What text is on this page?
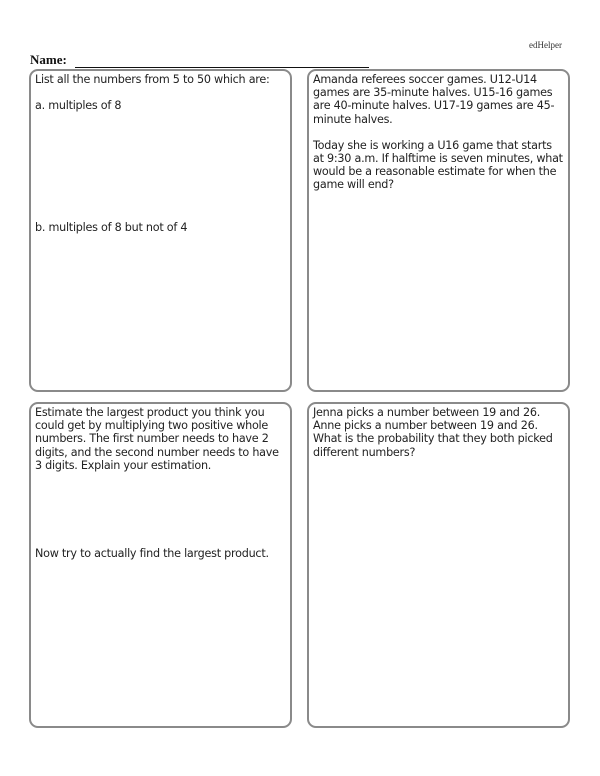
edHelper
Name:

List all the numbers from 5 to 50 which are:

a. multiples of 8

b. multiples of 8 but not of 4

Amanda referees soccer games. U12-U14 games are 35-minute halves. U15-16 games are 40-minute halves. U17-19 games are 45-minute halves.

Today she is working a U16 game that starts at 9:30 a.m. If halftime is seven minutes, what would be a reasonable estimate for when the game will end?

Estimate the largest product you think you could get by multiplying two positive whole numbers. The first number needs to have 2 digits, and the second number needs to have 3 digits. Explain your estimation.

Now try to actually find the largest product.

Jenna picks a number between 19 and 26. Anne picks a number between 19 and 26. What is the probability that they both picked different numbers?
